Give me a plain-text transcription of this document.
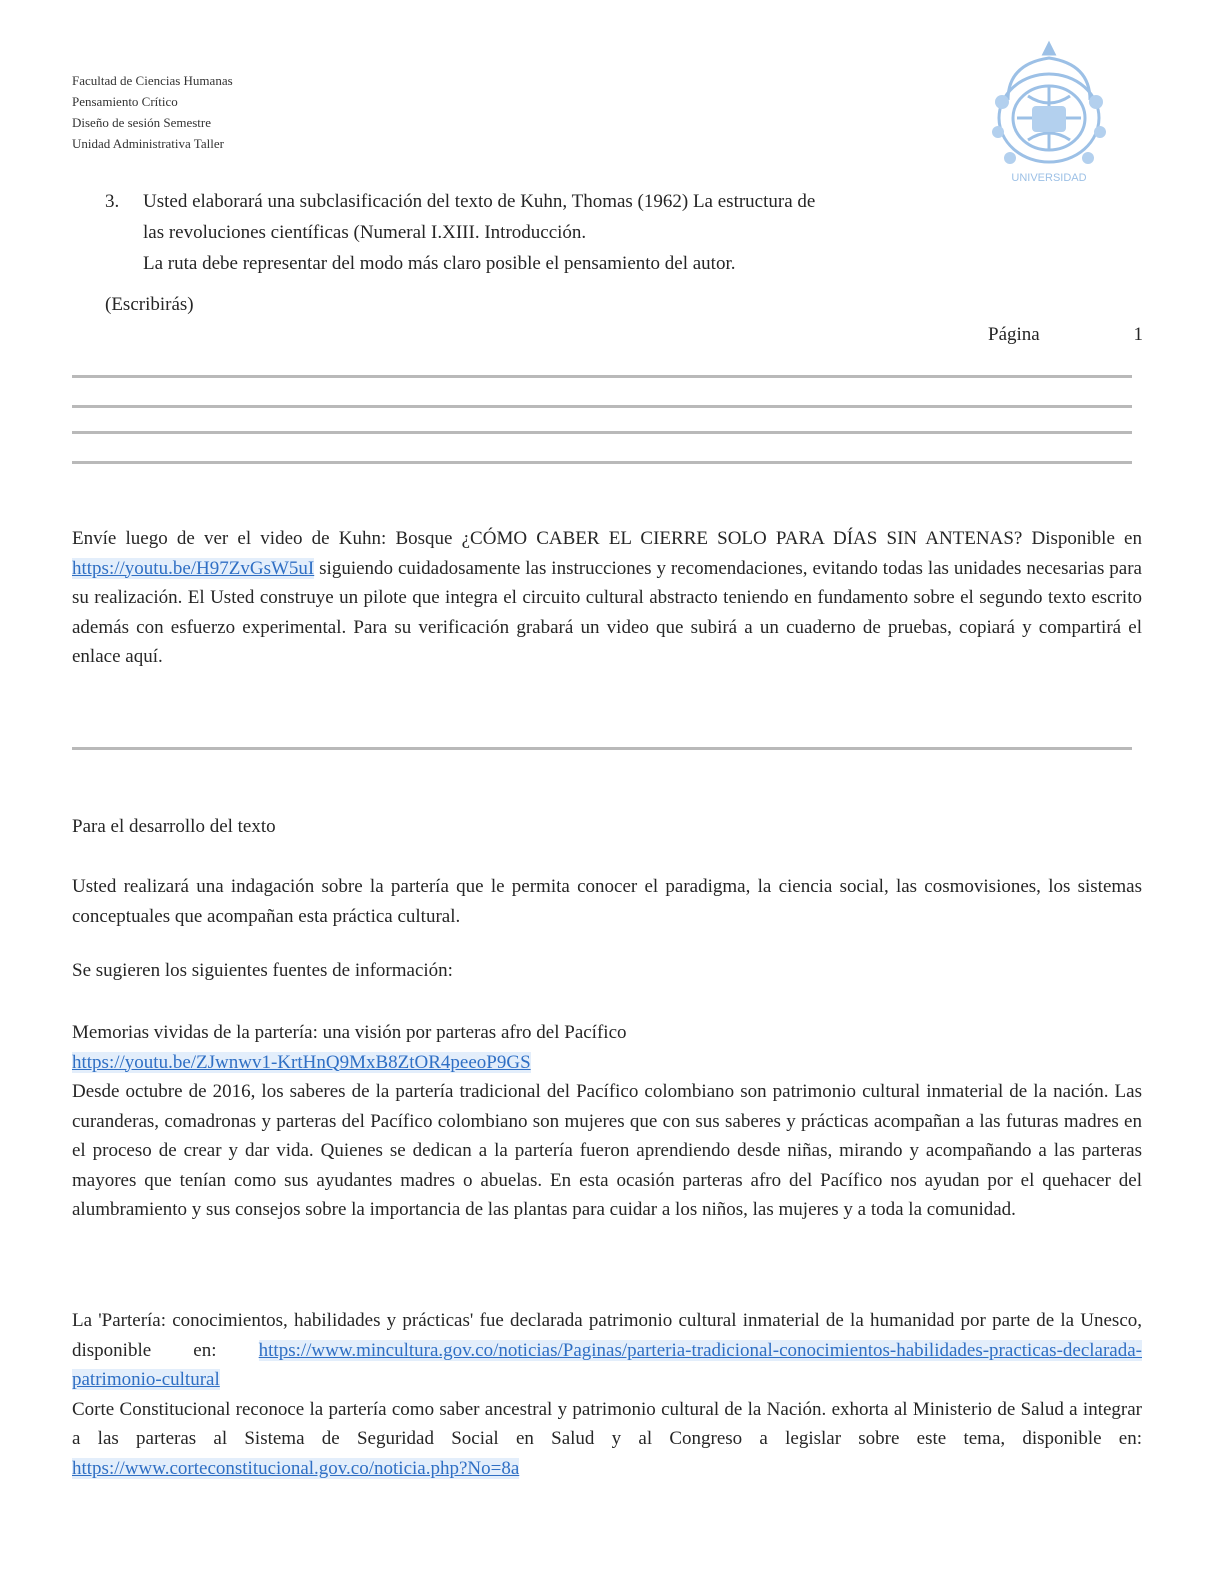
Facultad de Ciencias Humanas
Pensamiento Crítico
Diseño de sesión Semestre
Unidad Administrativa Taller
UNIVERSIDAD
3. Usted elaborará una subclasificación del texto de Kuhn, Thomas (1962) La estructura de
las revoluciones científicas (Numeral I.XIII. Introducción.
La ruta debe representar del modo más claro posible el pensamiento del autor.
(Escribirás)
Página	1

Envíe luego de ver el video de Kuhn: Bosque ¿CÓMO CABER EL CIERRE SOLO PARA DÍAS SIN ANTENAS? Disponible en https://youtu.be/H97ZvGsW5uI siguiendo cuidadosamente las instrucciones y recomendaciones, evitando todas las unidades necesarias para su realización. El Usted construye un pilote que integra el circuito cultural abstracto teniendo en fundamento sobre el segundo texto escrito además con esfuerzo experimental. Para su verificación grabará un video que subirá a un cuaderno de pruebas, copiará y compartirá el enlace aquí.

Para el desarrollo del texto
Usted realizará una indagación sobre la partería que le permita conocer el paradigma, la ciencia social, las cosmovisiones, los sistemas conceptuales que acompañan esta práctica cultural.
Se sugieren los siguientes fuentes de información:

Memorias vividas de la partería: una visión por parteras afro del Pacífico

https://youtu.be/ZJwnwv1-KrtHnQ9MxB8ZtOR4peeoP9GS

Desde octubre de 2016, los saberes de la partería tradicional del Pacífico colombiano son patrimonio cultural inmaterial de la nación. Las curanderas, comadronas y parteras del Pacífico colombiano son mujeres que con sus saberes y prácticas acompañan a las futuras madres en el proceso de crear y dar vida. Quienes se dedican a la partería fueron aprendiendo desde niñas, mirando y acompañando a las parteras mayores que tenían como sus ayudantes madres o abuelas. En esta ocasión parteras afro del Pacífico nos ayudan por el quehacer del alumbramiento y sus consejos sobre la importancia de las plantas para cuidar a los niños, las mujeres y a toda la comunidad.

La 'Partería: conocimientos, habilidades y prácticas' fue declarada patrimonio cultural inmaterial de la humanidad por parte de la Unesco, disponible en: https://www.mincultura.gov.co/noticias/Paginas/parteria-tradicional-conocimientos-habilidades-practicas-declarada-patrimonio-cultural

Corte Constitucional reconoce la partería como saber ancestral y patrimonio cultural de la Nación. exhorta al Ministerio de Salud a integrar a las parteras al Sistema de Seguridad Social en Salud y al Congreso a legislar sobre este tema, disponible en: https://www.corteconstitucional.gov.co/noticia.php?No=8a
